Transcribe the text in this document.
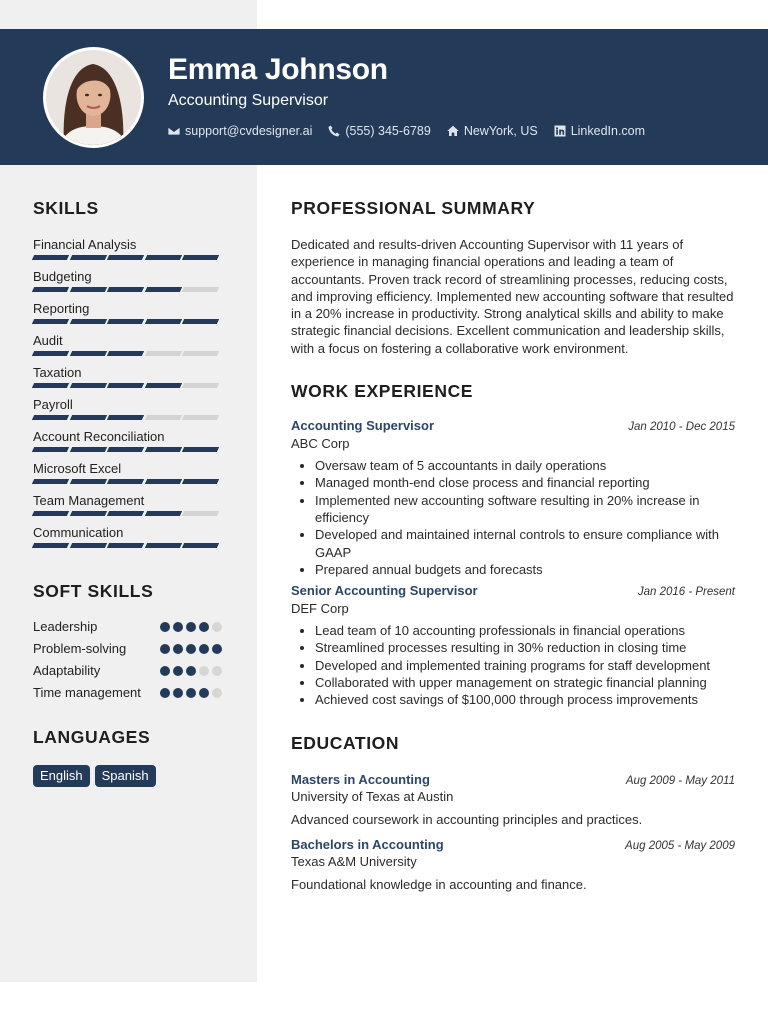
Emma Johnson
Accounting Supervisor
support@cvdesigner.ai	(555) 345-6789	NewYork, US	LinkedIn.com
SKILLS
Financial Analysis
Budgeting
Reporting
Audit
Taxation
Payroll
Account Reconciliation
Microsoft Excel
Team Management
Communication
SOFT SKILLS
Leadership
Problem-solving
Adaptability
Time management
LANGUAGES
English	Spanish
PROFESSIONAL SUMMARY

Dedicated and results-driven Accounting Supervisor with 11 years of experience in managing financial operations and leading a team of accountants. Proven track record of streamlining processes, reducing costs, and improving efficiency. Implemented new accounting software that resulted in a 20% increase in productivity. Strong analytical skills and ability to make strategic financial decisions. Excellent communication and leadership skills, with a focus on fostering a collaborative work environment.

WORK EXPERIENCE
Accounting Supervisor	Jan 2010 - Dec 2015
ABC Corp
• Oversaw team of 5 accountants in daily operations
• Managed month-end close process and financial reporting
• Implemented new accounting software resulting in 20% increase in efficiency
• Developed and maintained internal controls to ensure compliance with GAAP
• Prepared annual budgets and forecasts
Senior Accounting Supervisor	Jan 2016 - Present
DEF Corp
• Lead team of 10 accounting professionals in financial operations
• Streamlined processes resulting in 30% reduction in closing time
• Developed and implemented training programs for staff development
• Collaborated with upper management on strategic financial planning
• Achieved cost savings of $100,000 through process improvements
EDUCATION
Masters in Accounting	Aug 2009 - May 2011
University of Texas at Austin
Advanced coursework in accounting principles and practices.
Bachelors in Accounting	Aug 2005 - May 2009
Texas A&M University
Foundational knowledge in accounting and finance.
